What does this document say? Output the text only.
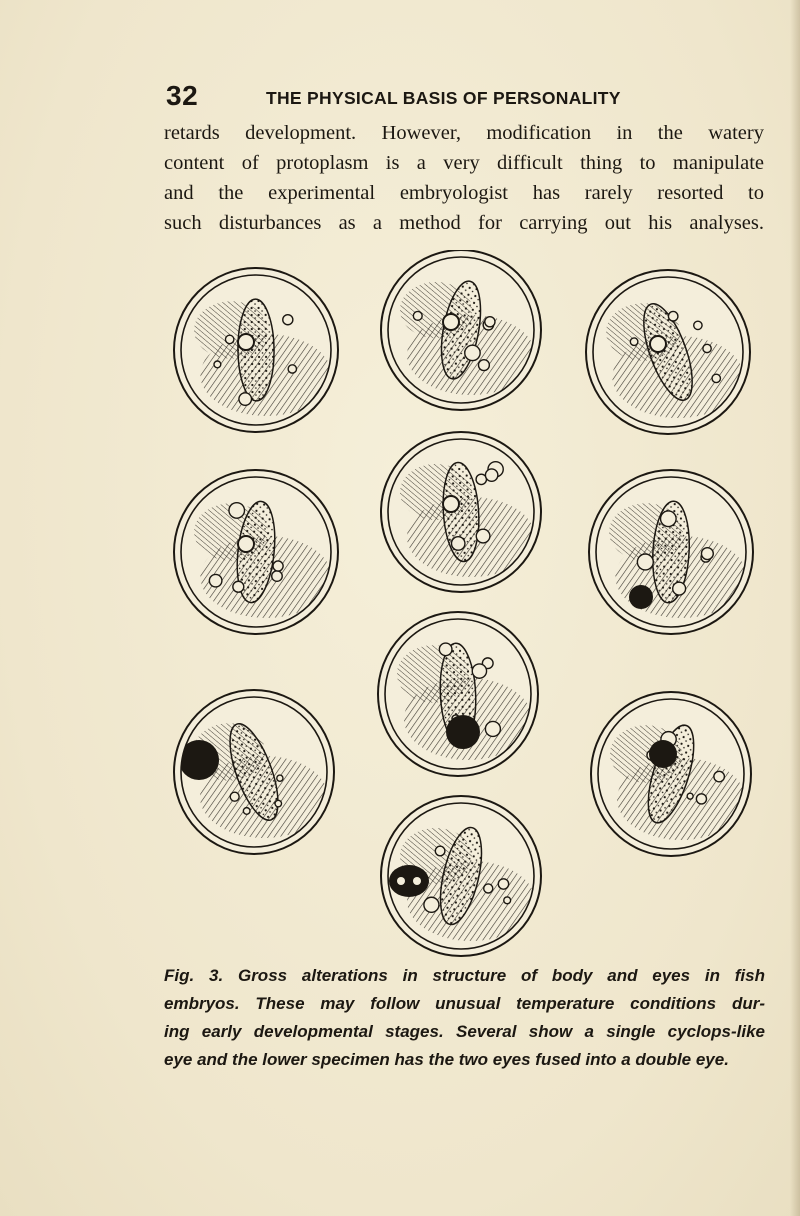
32	THE PHYSICAL BASIS OF PERSONALITY

retards development. However, modification in the watery
content of protoplasm is a very difficult thing to manipulate
and the experimental embryologist has rarely resorted to
such disturbances as a method for carrying out his analyses.

Fig. 3. Gross alterations in structure of body and eyes in fish
embryos. These may follow unusual temperature conditions dur-
ing early developmental stages. Several show a single cyclops-like
eye and the lower specimen has the two eyes fused into a double eye.
